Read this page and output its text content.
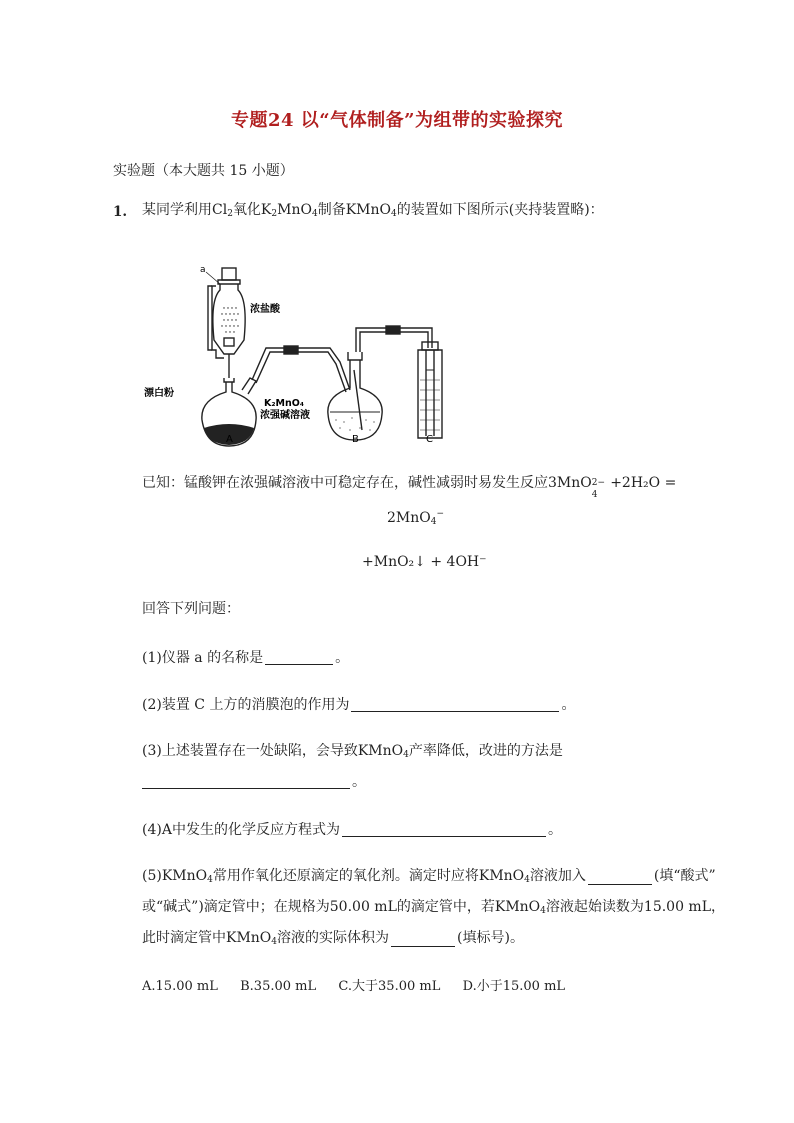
专题24 以“气体制备”为组带的实验探究
实验题（本大题共 15 小题）
1. 某同学利用$Cl_2$氧化$K_2MnO_4$制备KMnO$_4$的装置如下图所示(夹持装置略)：
a
浓盐酸
漂白粉
K₂MnO₄
浓强碱溶液
A	B	C
已知：锰酸钾在浓强碱溶液中可稳定存在，碱性减弱时易发生反应3MnO 2−
4
+2H₂O =
2MnO$_4$−
+MnO₂↓ + 4OH⁻
回答下列问题：
(1)仪器 a 的名称是	。
(2)装置 C 上方的消膜泡的作用为	。
(3)上述装置存在一处缺陷，会导致KMnO$_4$产率降低，改进的方法是
。
(4)A中发生的化学反应方程式为	。
(5)KMnO$_4$常用作氧化还原滴定的氧化剂。滴定时应将KMnO$_4$溶液加入	(填“酸式”
或“碱式”)滴定管中；在规格为50.00 mL的滴定管中，若KMnO$_4$溶液起始读数为15.00 mL，
此时滴定管中KMnO$_4$溶液的实际体积为	(填标号)。
A.15.00 mL B.35.00 mL C.大于35.00 mL D.小于15.00 mL
